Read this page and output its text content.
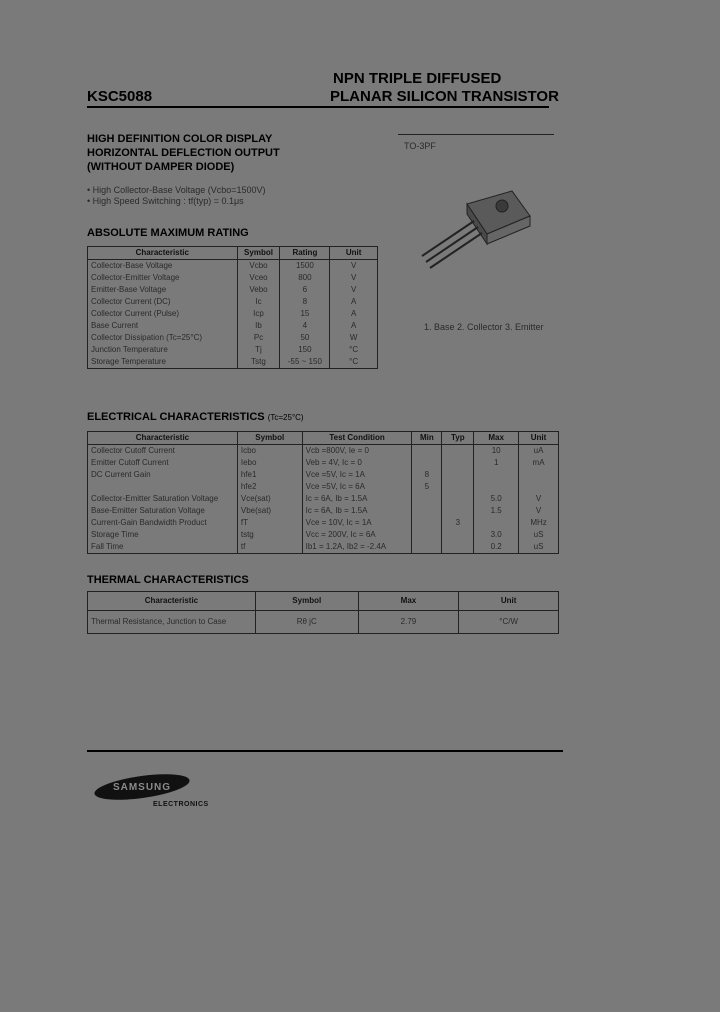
KSC5088
NPN TRIPLE DIFFUSED
PLANAR SILICON TRANSISTOR
HIGH DEFINITION COLOR DISPLAY
HORIZONTAL DEFLECTION OUTPUT
(WITHOUT DAMPER DIODE)
• High Collector-Base Voltage (Vcbo=1500V)
• High Speed Switching : tf(typ) = 0.1μs
TO-3PF
1. Base 2. Collector 3. Emitter
ABSOLUTE MAXIMUM RATING
Characteristic	Symbol	Rating	Unit
Collector-Base Voltage	Vcbo	1500	V
Collector-Emitter Voltage	Vceo	800	V
Emitter-Base Voltage	Vebo	6	V
Collector Current (DC)	Ic	8	A
Collector Current (Pulse)	Icp	15	A
Base Current	Ib	4	A
Collector Dissipation (Tc=25°C)	Pc	50	W
Junction Temperature	Tj	150	°C
Storage Temperature	Tstg	-55 ~ 150	°C
ELECTRICAL CHARACTERISTICS (Tc=25°C)
Characteristic	Symbol	Test Condition	Min	Typ	Max	Unit
Collector Cutoff Current	Icbo	Vcb =800V, Ie = 0			10	uA
Emitter Cutoff Current	Iebo	Veb = 4V, Ic = 0			1	mA
DC Current Gain	hfe1	Vce =5V, Ic = 1A	8			
	hfe2	Vce =5V, Ic = 6A	5			
Collector-Emitter Saturation Voltage	Vce(sat)	Ic = 6A, Ib = 1.5A			5.0	V
Base-Emitter Saturation Voltage	Vbe(sat)	Ic = 6A, Ib = 1.5A			1.5	V
Current-Gain Bandwidth Product	fT	Vce = 10V, Ic = 1A		3		MHz
Storage Time	tstg	Vcc = 200V, Ic = 6A			3.0	uS
Fall Time	tf	Ib1 = 1.2A, Ib2 = -2.4A			0.2	uS
THERMAL CHARACTERISTICS
Characteristic	Symbol	Max	Unit
Thermal Resistance, Junction to Case	Rθ jC	2.79	°C/W
SAMSUNG
ELECTRONICS
